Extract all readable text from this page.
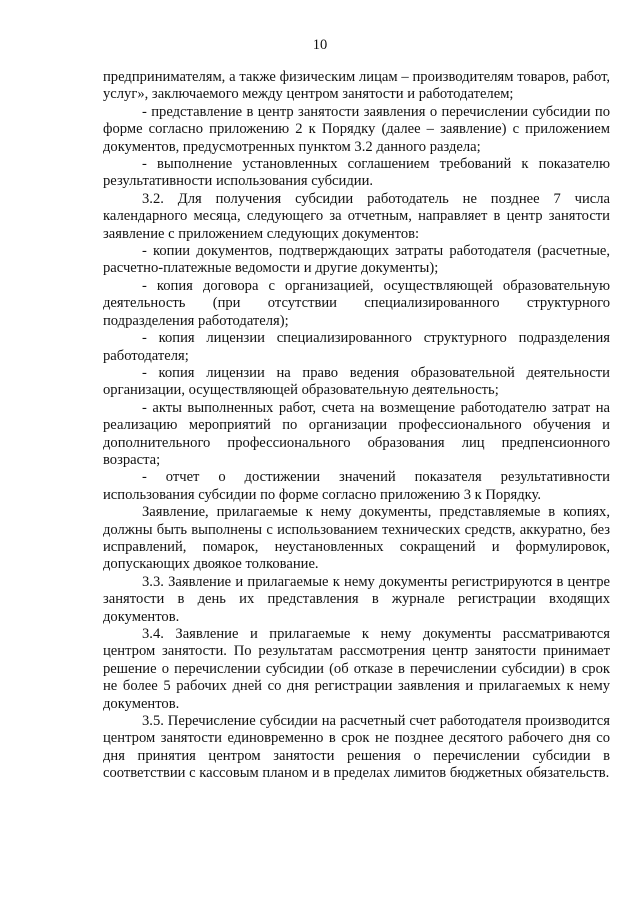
10

предпринимателям, а также физическим лицам – производителям товаров, работ, услуг», заключаемого между центром занятости и работодателем;

- представление в центр занятости заявления о перечислении субсидии по форме согласно приложению 2 к Порядку (далее – заявление) с приложением документов, предусмотренных пунктом 3.2 данного раздела;

- выполнение установленных соглашением требований к показателю результативности использования субсидии.

3.2. Для получения субсидии работодатель не позднее 7 числа календарного месяца, следующего за отчетным, направляет в центр занятости заявление с приложением следующих документов:

- копии документов, подтверждающих затраты работодателя (расчетные, расчетно-платежные ведомости и другие документы);

- копия договора с организацией, осуществляющей образовательную деятельность (при отсутствии специализированного структурного подразделения работодателя);

- копия лицензии специализированного структурного подразделения работодателя;

- копия лицензии на право ведения образовательной деятельности организации, осуществляющей образовательную деятельность;

- акты выполненных работ, счета на возмещение работодателю затрат на реализацию мероприятий по организации профессионального обучения и дополнительного профессионального образования лиц предпенсионного возраста;

- отчет о достижении значений показателя результативности использования субсидии по форме согласно приложению 3 к Порядку.

Заявление, прилагаемые к нему документы, представляемые в копиях, должны быть выполнены с использованием технических средств, аккуратно, без исправлений, помарок, неустановленных сокращений и формулировок, допускающих двоякое толкование.

3.3. Заявление и прилагаемые к нему документы регистрируются в центре занятости в день их представления в журнале регистрации входящих документов.

3.4. Заявление и прилагаемые к нему документы рассматриваются центром занятости. По результатам рассмотрения центр занятости принимает решение о перечислении субсидии (об отказе в перечислении субсидии) в срок не более 5 рабочих дней со дня регистрации заявления и прилагаемых к нему документов.

3.5. Перечисление субсидии на расчетный счет работодателя производится центром занятости единовременно в срок не позднее десятого рабочего дня со дня принятия центром занятости решения о перечислении субсидии в соответствии с кассовым планом и в пределах лимитов бюджетных обязательств.
